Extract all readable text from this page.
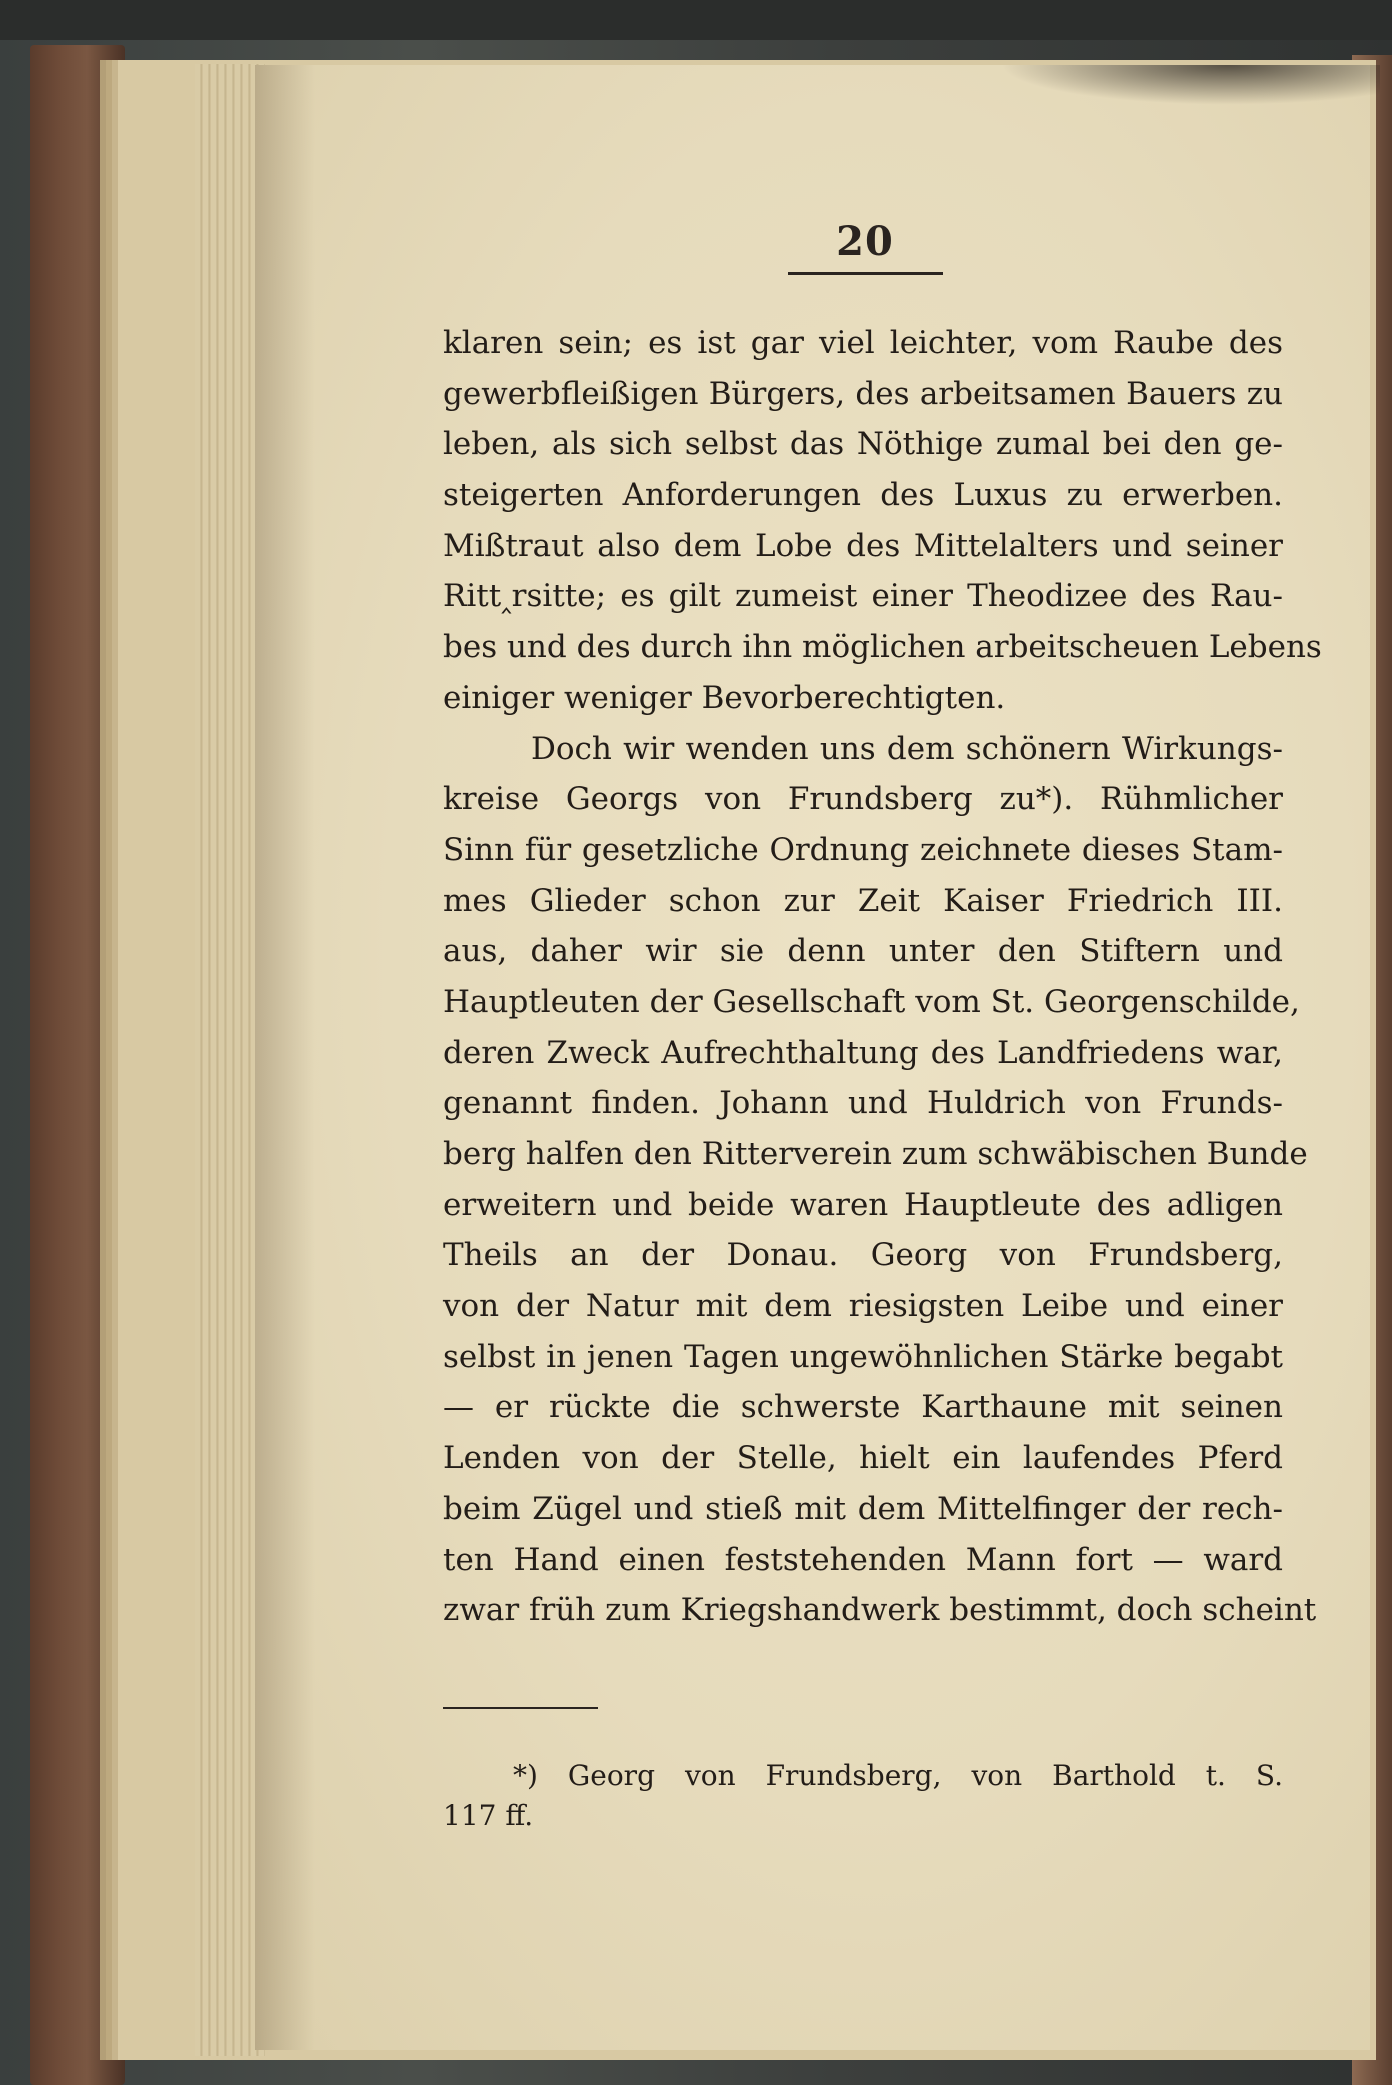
20
klaren sein; es ist gar viel leichter, vom Raube des
gewerbfleißigen Bürgers, des arbeitsamen Bauers zu
leben, als sich selbst das Nöthige zumal bei den ge-
steigerten Anforderungen des Luxus zu erwerben.
Mißtraut also dem Lobe des Mittelalters und seiner
Ritt‸rsitte; es gilt zumeist einer Theodizee des Rau-
bes und des durch ihn möglichen arbeitscheuen Lebens
einiger weniger Bevorberechtigten.
Doch wir wenden uns dem schönern Wirkungs-
kreise Georgs von Frundsberg zu*). Rühmlicher
Sinn für gesetzliche Ordnung zeichnete dieses Stam-
mes Glieder schon zur Zeit Kaiser Friedrich III.
aus, daher wir sie denn unter den Stiftern und
Hauptleuten der Gesellschaft vom St. Georgenschilde,
deren Zweck Aufrechthaltung des Landfriedens war,
genannt finden. Johann und Huldrich von Frunds-
berg halfen den Ritterverein zum schwäbischen Bunde
erweitern und beide waren Hauptleute des adligen
Theils an der Donau. Georg von Frundsberg,
von der Natur mit dem riesigsten Leibe und einer
selbst in jenen Tagen ungewöhnlichen Stärke begabt
— er rückte die schwerste Karthaune mit seinen
Lenden von der Stelle, hielt ein laufendes Pferd
beim Zügel und stieß mit dem Mittelfinger der rech-
ten Hand einen feststehenden Mann fort — ward
zwar früh zum Kriegshandwerk bestimmt, doch scheint
*) Georg von Frundsberg, von Barthold t. S.
117 ff.
